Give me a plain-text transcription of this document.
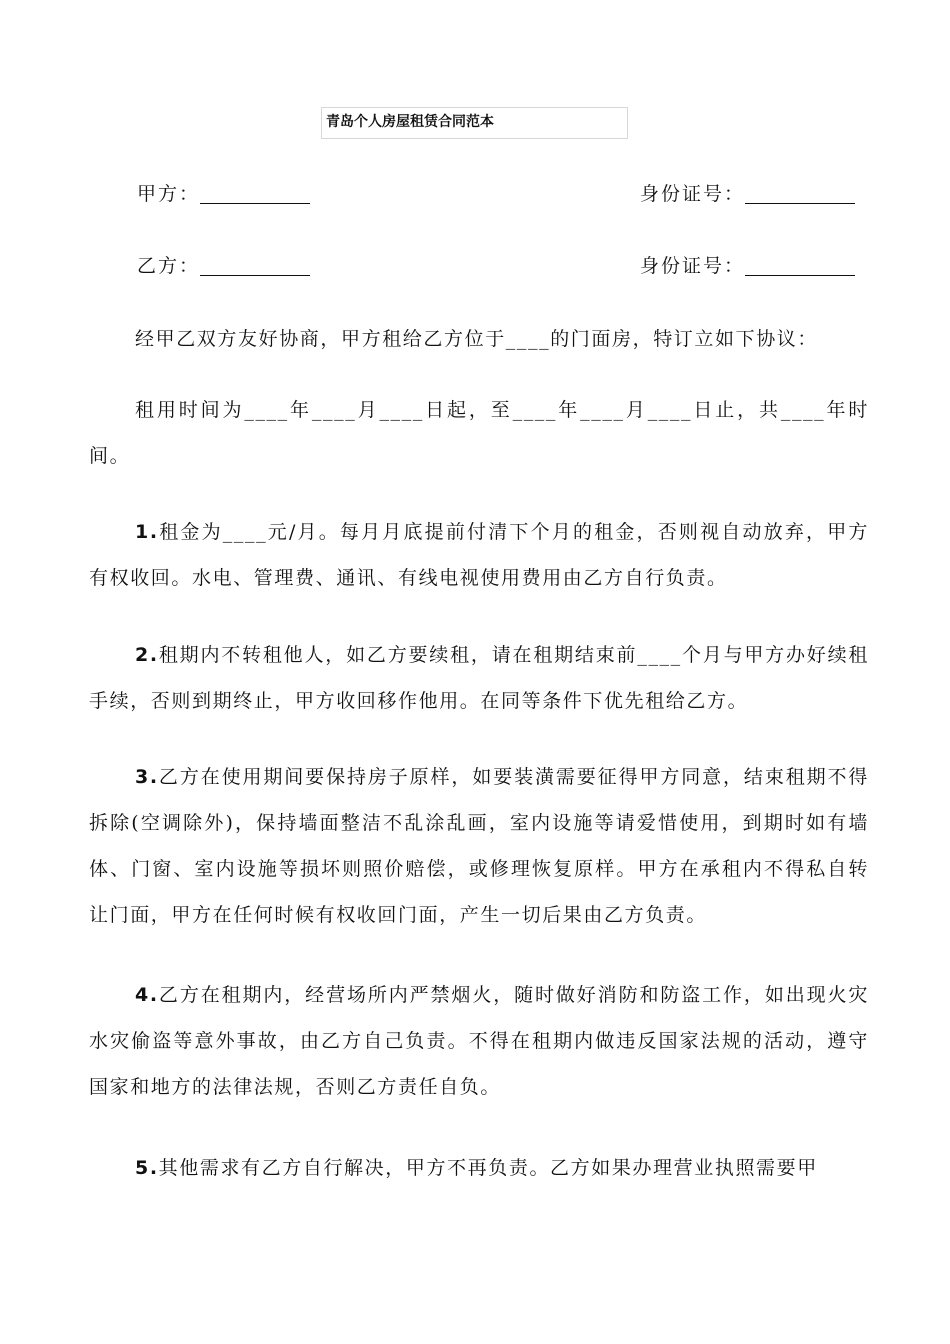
青岛个人房屋租赁合同范本
甲方：	身份证号：
乙方：	身份证号：
经甲乙双方友好协商，甲方租给乙方位于____的门面房，特订立如下协议：
租用时间为____年____月____日起，至____年____月____日止，共____年时间。
1.租金为____元/月。每月月底提前付清下个月的租金，否则视自动放弃，甲方有权收回。水电、管理费、通讯、有线电视使用费用由乙方自行负责。
2.租期内不转租他人，如乙方要续租，请在租期结束前____个月与甲方办好续租手续，否则到期终止，甲方收回移作他用。在同等条件下优先租给乙方。
3.乙方在使用期间要保持房子原样，如要装潢需要征得甲方同意，结束租期不得拆除(空调除外)，保持墙面整洁不乱涂乱画，室内设施等请爱惜使用，到期时如有墙体、门窗、室内设施等损坏则照价赔偿，或修理恢复原样。甲方在承租内不得私自转让门面，甲方在任何时候有权收回门面，产生一切后果由乙方负责。
4.乙方在租期内，经营场所内严禁烟火，随时做好消防和防盗工作，如出现火灾水灾偷盗等意外事故，由乙方自己负责。不得在租期内做违反国家法规的活动，遵守国家和地方的法律法规，否则乙方责任自负。
5.其他需求有乙方自行解决，甲方不再负责。乙方如果办理营业执照需要甲
